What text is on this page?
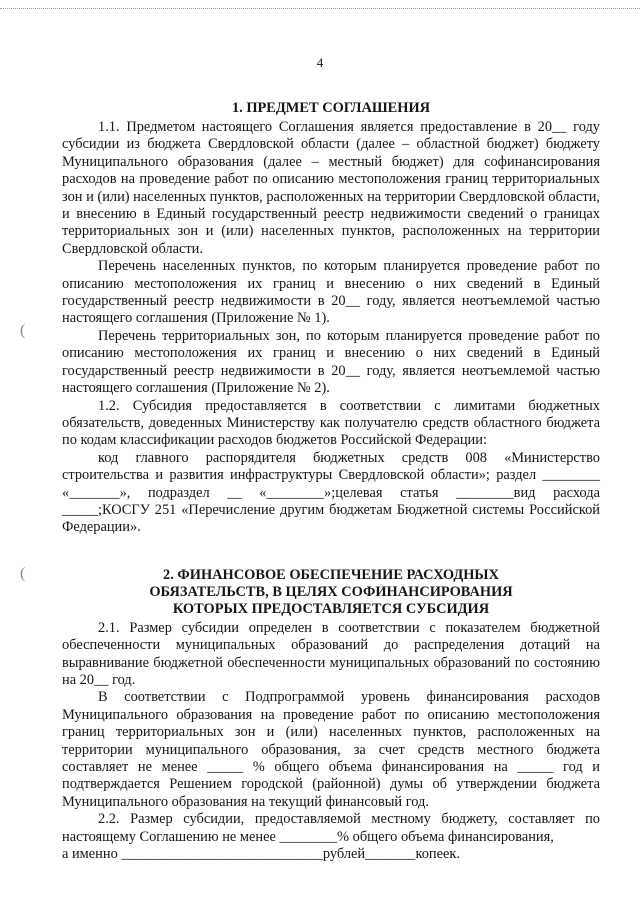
4
(
(
1. ПРЕДМЕТ СОГЛАШЕНИЯ

1.1. Предметом настоящего Соглашения является предоставление в 20__ году субсидии из бюджета Свердловской области (далее – областной бюджет) бюджету Муниципального образования (далее – местный бюджет) для софинансирования расходов на проведение работ по описанию местоположения границ территориальных зон и (или) населенных пунктов, расположенных на территории Свердловской области, и внесению в Единый государственный реестр недвижимости сведений о границах территориальных зон и (или) населенных пунктов, расположенных на территории Свердловской области.

Перечень населенных пунктов, по которым планируется проведение работ по описанию местоположения их границ и внесению о них сведений в Единый государственный реестр недвижимости в 20__ году, является неотъемлемой частью настоящего соглашения (Приложение № 1).

Перечень территориальных зон, по которым планируется проведение работ по описанию местоположения их границ и внесению о них сведений в Единый государственный реестр недвижимости в 20__ году, является неотъемлемой частью настоящего соглашения (Приложение № 2).

1.2. Субсидия предоставляется в соответствии с лимитами бюджетных обязательств, доведенных Министерству как получателю средств областного бюджета по кодам классификации расходов бюджетов Российской Федерации:

код главного распорядителя бюджетных средств 008 «Министерство строительства и развития инфраструктуры Свердловской области»; раздел ________ «_______», подраздел __ «________»;целевая статья ________вид расхода _____;КОСГУ 251 «Перечисление другим бюджетам Бюджетной системы Российской Федерации».

2. ФИНАНСОВОЕ ОБЕСПЕЧЕНИЕ РАСХОДНЫХ
ОБЯЗАТЕЛЬСТВ, В ЦЕЛЯХ СОФИНАНСИРОВАНИЯ
КОТОРЫХ ПРЕДОСТАВЛЯЕТСЯ СУБСИДИЯ

2.1. Размер субсидии определен в соответствии с показателем бюджетной обеспеченности муниципальных образований до распределения дотаций на выравнивание бюджетной обеспеченности муниципальных образований по состоянию на 20__ год.

В соответствии с Подпрограммой уровень финансирования расходов Муниципального образования на проведение работ по описанию местоположения границ территориальных зон и (или) населенных пунктов, расположенных на территории муниципального образования, за счет средств местного бюджета составляет не менее _____ % общего объема финансирования на _____ год и подтверждается Решением городской (районной) думы об утверждении бюджета Муниципального образования на текущий финансовый год.

2.2. Размер субсидии, предоставляемой местному бюджету, составляет по настоящему Соглашению не менее ________% общего объема финансирования,

а именно ____________________________рублей_______копеек.
